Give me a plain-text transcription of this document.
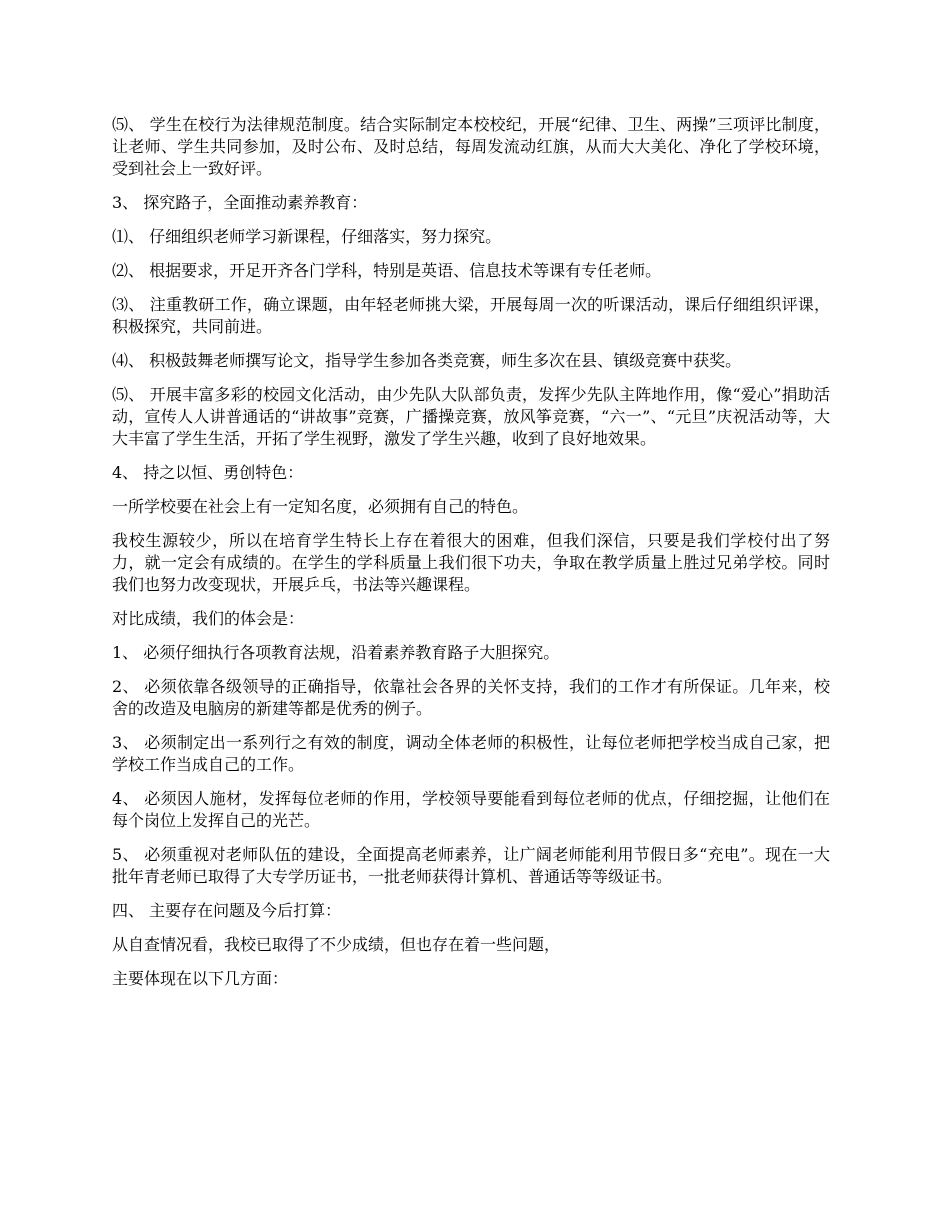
⑸、 学生在校行为法律规范制度。结合实际制定本校校纪，开展“纪律、卫生、两操”三项评比制度，让老师、学生共同参加，及时公布、及时总结，每周发流动红旗，从而大大美化、净化了学校环境，受到社会上一致好评。

3、 探究路子，全面推动素养教育：

⑴、 仔细组织老师学习新课程，仔细落实，努力探究。

⑵、 根据要求，开足开齐各门学科，特别是英语、信息技术等课有专任老师。

⑶、 注重教研工作，确立课题，由年轻老师挑大梁，开展每周一次的听课活动，课后仔细组织评课，积极探究，共同前进。

⑷、 积极鼓舞老师撰写论文，指导学生参加各类竞赛，师生多次在县、镇级竞赛中获奖。

⑸、 开展丰富多彩的校园文化活动，由少先队大队部负责，发挥少先队主阵地作用，像“爱心”捐助活动，宣传人人讲普通话的“讲故事”竞赛，广播操竞赛，放风筝竞赛，“六一”、“元旦”庆祝活动等，大大丰富了学生生活，开拓了学生视野，激发了学生兴趣，收到了良好地效果。

4、 持之以恒、勇创特色：

一所学校要在社会上有一定知名度，必须拥有自己的特色。

我校生源较少，所以在培育学生特长上存在着很大的困难，但我们深信，只要是我们学校付出了努力，就一定会有成绩的。在学生的学科质量上我们很下功夫，争取在教学质量上胜过兄弟学校。同时我们也努力改变现状，开展乒乓，书法等兴趣课程。

对比成绩，我们的体会是：

1、 必须仔细执行各项教育法规，沿着素养教育路子大胆探究。

2、 必须依靠各级领导的正确指导，依靠社会各界的关怀支持，我们的工作才有所保证。几年来，校舍的改造及电脑房的新建等都是优秀的例子。

3、 必须制定出一系列行之有效的制度，调动全体老师的积极性，让每位老师把学校当成自己家，把学校工作当成自己的工作。

4、 必须因人施材，发挥每位老师的作用，学校领导要能看到每位老师的优点，仔细挖掘，让他们在每个岗位上发挥自己的光芒。

5、 必须重视对老师队伍的建设，全面提高老师素养，让广阔老师能利用节假日多“充电”。现在一大批年青老师已取得了大专学历证书，一批老师获得计算机、普通话等等级证书。

四、 主要存在问题及今后打算：

从自查情况看，我校已取得了不少成绩，但也存在着一些问题，

主要体现在以下几方面：
